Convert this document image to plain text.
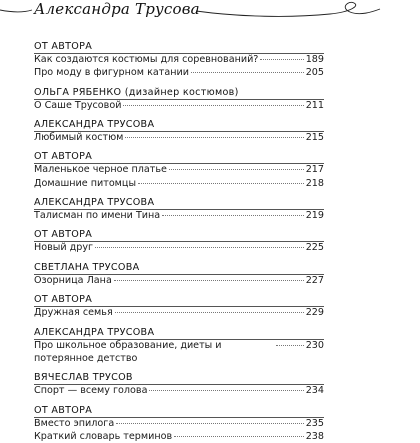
Александра Трусова
ОТ АВТОРА
Как создаются костюмы для соревнований?	189
Про моду в фигурном катании	205
ОЛЬГА РЯБЕНКО (дизайнер костюмов)
О Саше Трусовой	211
АЛЕКСАНДРА ТРУСОВА
Любимый костюм	215
ОТ АВТОРА
Маленькое черное платье	217
Домашние питомцы	218
АЛЕКСАНДРА ТРУСОВА
Талисман по имени Тина	219
ОТ АВТОРА
Новый друг	225
СВЕТЛАНА ТРУСОВА
Озорница Лана	227
ОТ АВТОРА
Дружная семья	229
АЛЕКСАНДРА ТРУСОВА
Про школьное образование, диеты и потерянное детство
230
ВЯЧЕСЛАВ ТРУСОВ
Спорт — всему голова	234
ОТ АВТОРА
Вместо эпилога	235
Краткий словарь терминов	238
